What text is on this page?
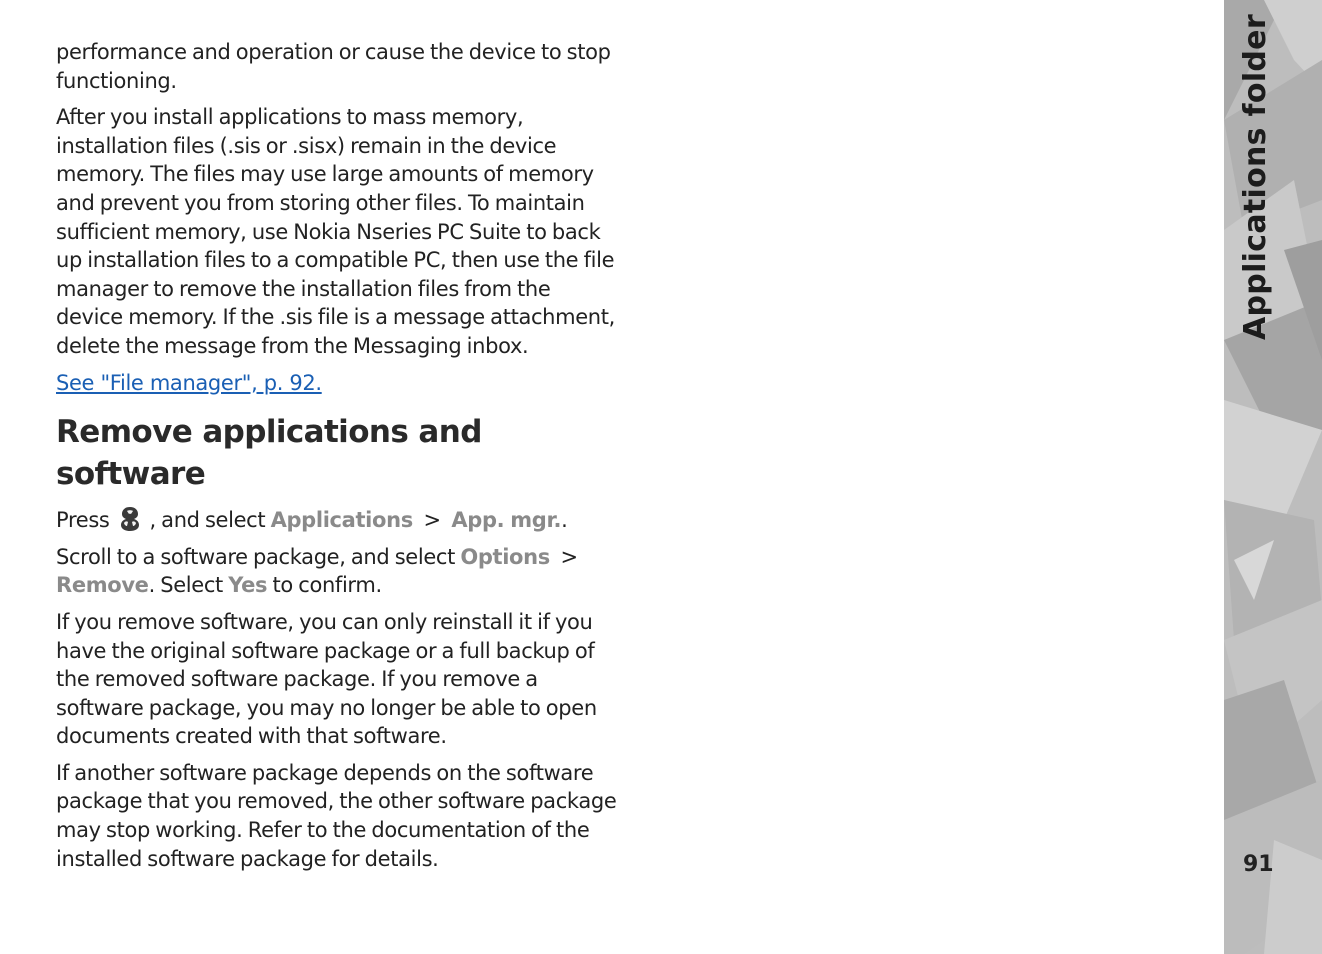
performance and operation or cause the device to stop functioning.

After you install applications to mass memory, installation files (.sis or .sisx) remain in the device memory. The files may use large amounts of memory and prevent you from storing other files. To maintain sufficient memory, use Nokia Nseries PC Suite to back up installation files to a compatible PC, then use the file manager to remove the installation files from the device memory. If the .sis file is a message attachment, delete the message from the Messaging inbox.

See "File manager", p. 92.
Remove applications and software

Press , and select Applications > App. mgr..

Scroll to a software package, and select Options >
Remove. Select Yes to confirm.

If you remove software, you can only reinstall it if you have the original software package or a full backup of the removed software package. If you remove a software package, you may no longer be able to open documents created with that software.

If another software package depends on the software package that you removed, the other software package may stop working. Refer to the documentation of the installed software package for details.

Applications folder
91
